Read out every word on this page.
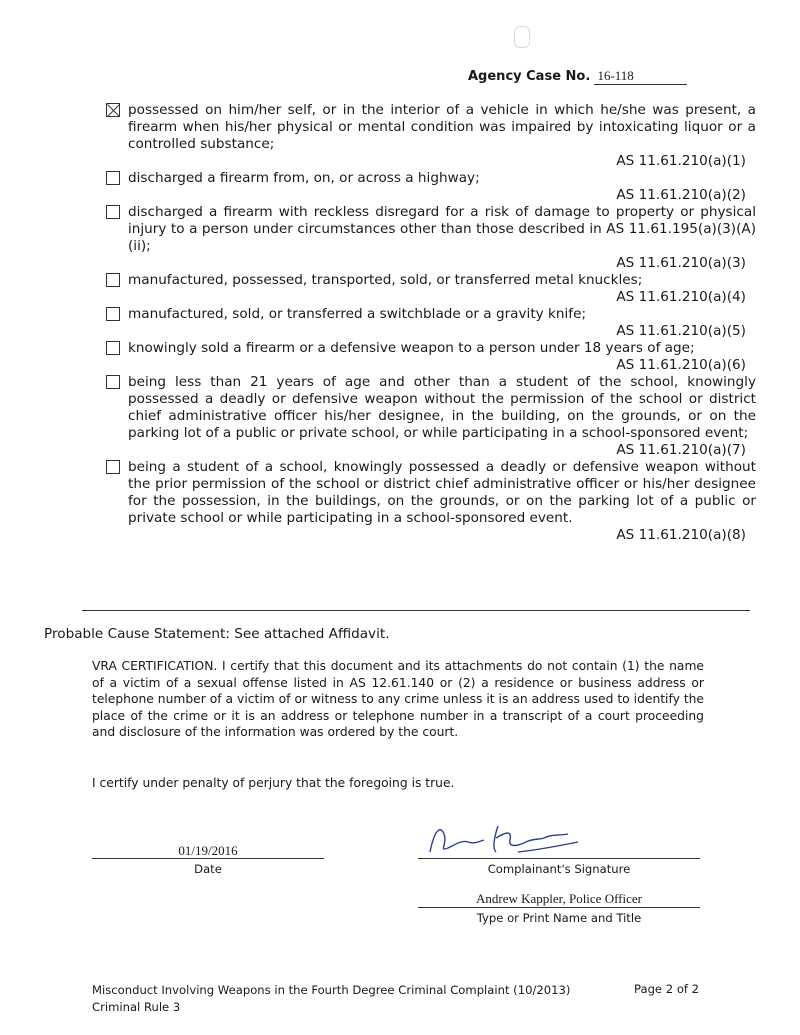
Agency Case No. 16-118
possessed on him/her self, or in the interior of a vehicle in which he/she was present, a firearm when his/her physical or mental condition was impaired by intoxicating liquor or a controlled substance;
AS 11.61.210(a)(1)
discharged a firearm from, on, or across a highway;
AS 11.61.210(a)(2)
discharged a firearm with reckless disregard for a risk of damage to property or physical injury to a person under circumstances other than those described in AS 11.61.195(a)(3)(A)(ii);
AS 11.61.210(a)(3)
manufactured, possessed, transported, sold, or transferred metal knuckles;
AS 11.61.210(a)(4)
manufactured, sold, or transferred a switchblade or a gravity knife;
AS 11.61.210(a)(5)
knowingly sold a firearm or a defensive weapon to a person under 18 years of age;
AS 11.61.210(a)(6)
being less than 21 years of age and other than a student of the school, knowingly possessed a deadly or defensive weapon without the permission of the school or district chief administrative officer his/her designee, in the building, on the grounds, or on the parking lot of a public or private school, or while participating in a school-sponsored event;
AS 11.61.210(a)(7)
being a student of a school, knowingly possessed a deadly or defensive weapon without the prior permission of the school or district chief administrative officer or his/her designee for the possession, in the buildings, on the grounds, or on the parking lot of a public or private school or while participating in a school-sponsored event.
AS 11.61.210(a)(8)
Probable Cause Statement: See attached Affidavit.
VRA CERTIFICATION. I certify that this document and its attachments do not contain (1) the name of a victim of a sexual offense listed in AS 12.61.140 or (2) a residence or business address or telephone number of a victim of or witness to any crime unless it is an address used to identify the place of the crime or it is an address or telephone number in a transcript of a court proceeding and disclosure of the information was ordered by the court.
I certify under penalty of perjury that the foregoing is true.
01/19/2016
Date	Complainant's Signature
Andrew Kappler, Police Officer
Type or Print Name and Title
Misconduct Involving Weapons in the Fourth Degree Criminal Complaint (10/2013)
Criminal Rule 3
Page 2 of 2
